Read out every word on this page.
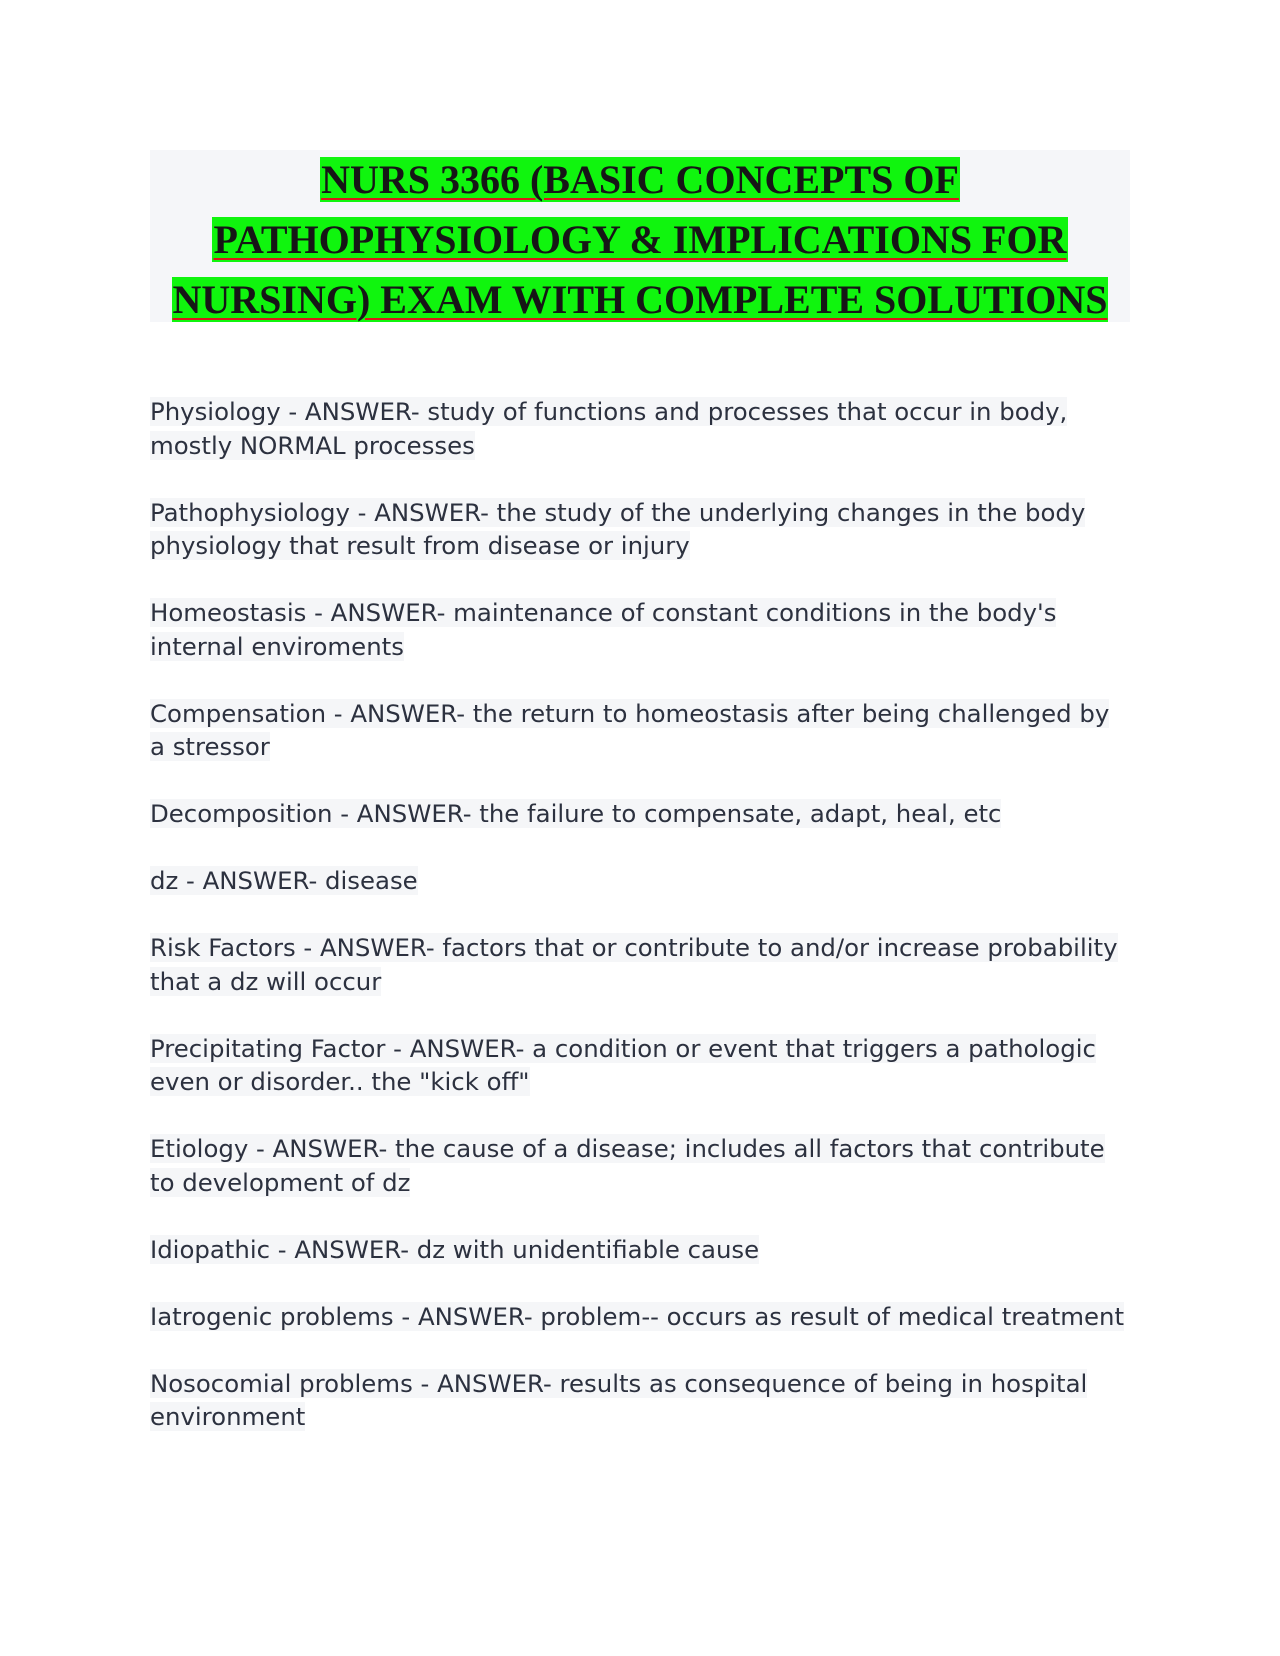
NURS 3366 (BASIC CONCEPTS OF
PATHOPHYSIOLOGY & IMPLICATIONS FOR
NURSING) EXAM WITH COMPLETE SOLUTIONS

Physiology - ANSWER- study of functions and processes that occur in body, mostly NORMAL processes

Pathophysiology - ANSWER- the study of the underlying changes in the body physiology that result from disease or injury

Homeostasis - ANSWER- maintenance of constant conditions in the body's internal enviroments

Compensation - ANSWER- the return to homeostasis after being challenged by a stressor

Decomposition - ANSWER- the failure to compensate, adapt, heal, etc

dz - ANSWER- disease

Risk Factors - ANSWER- factors that or contribute to and/or increase probability that a dz will occur

Precipitating Factor - ANSWER- a condition or event that triggers a pathologic even or disorder.. the "kick off"

Etiology - ANSWER- the cause of a disease; includes all factors that contribute to development of dz

Idiopathic - ANSWER- dz with unidentifiable cause

Iatrogenic problems - ANSWER- problem-- occurs as result of medical treatment

Nosocomial problems - ANSWER- results as consequence of being in hospital environment
